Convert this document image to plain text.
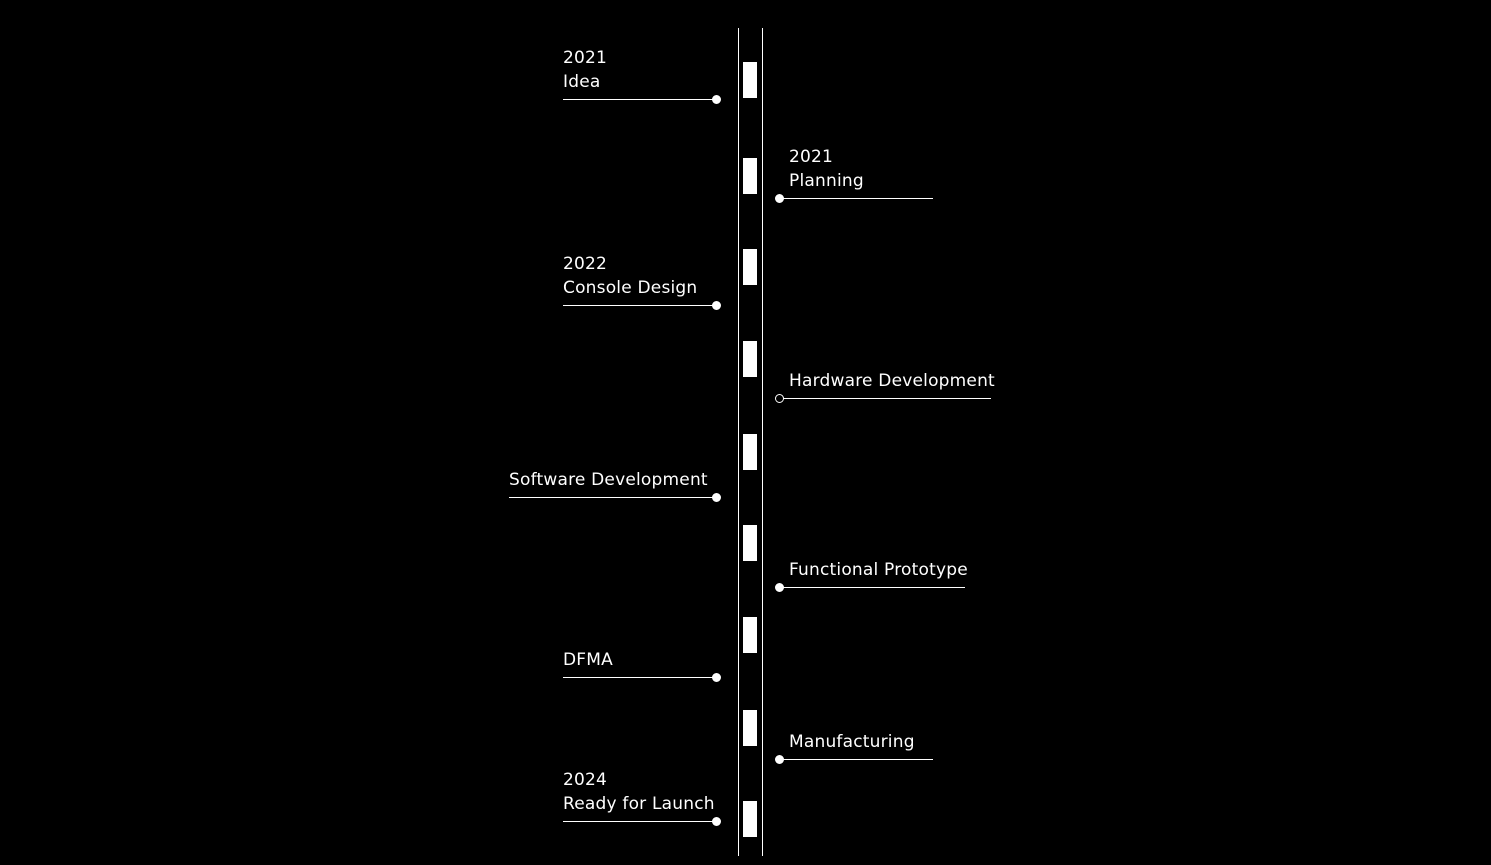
2021
Idea
2021
Planning
2022
Console Design
Hardware Development
Software Development
Functional Prototype
DFMA
Manufacturing
2024
Ready for Launch
